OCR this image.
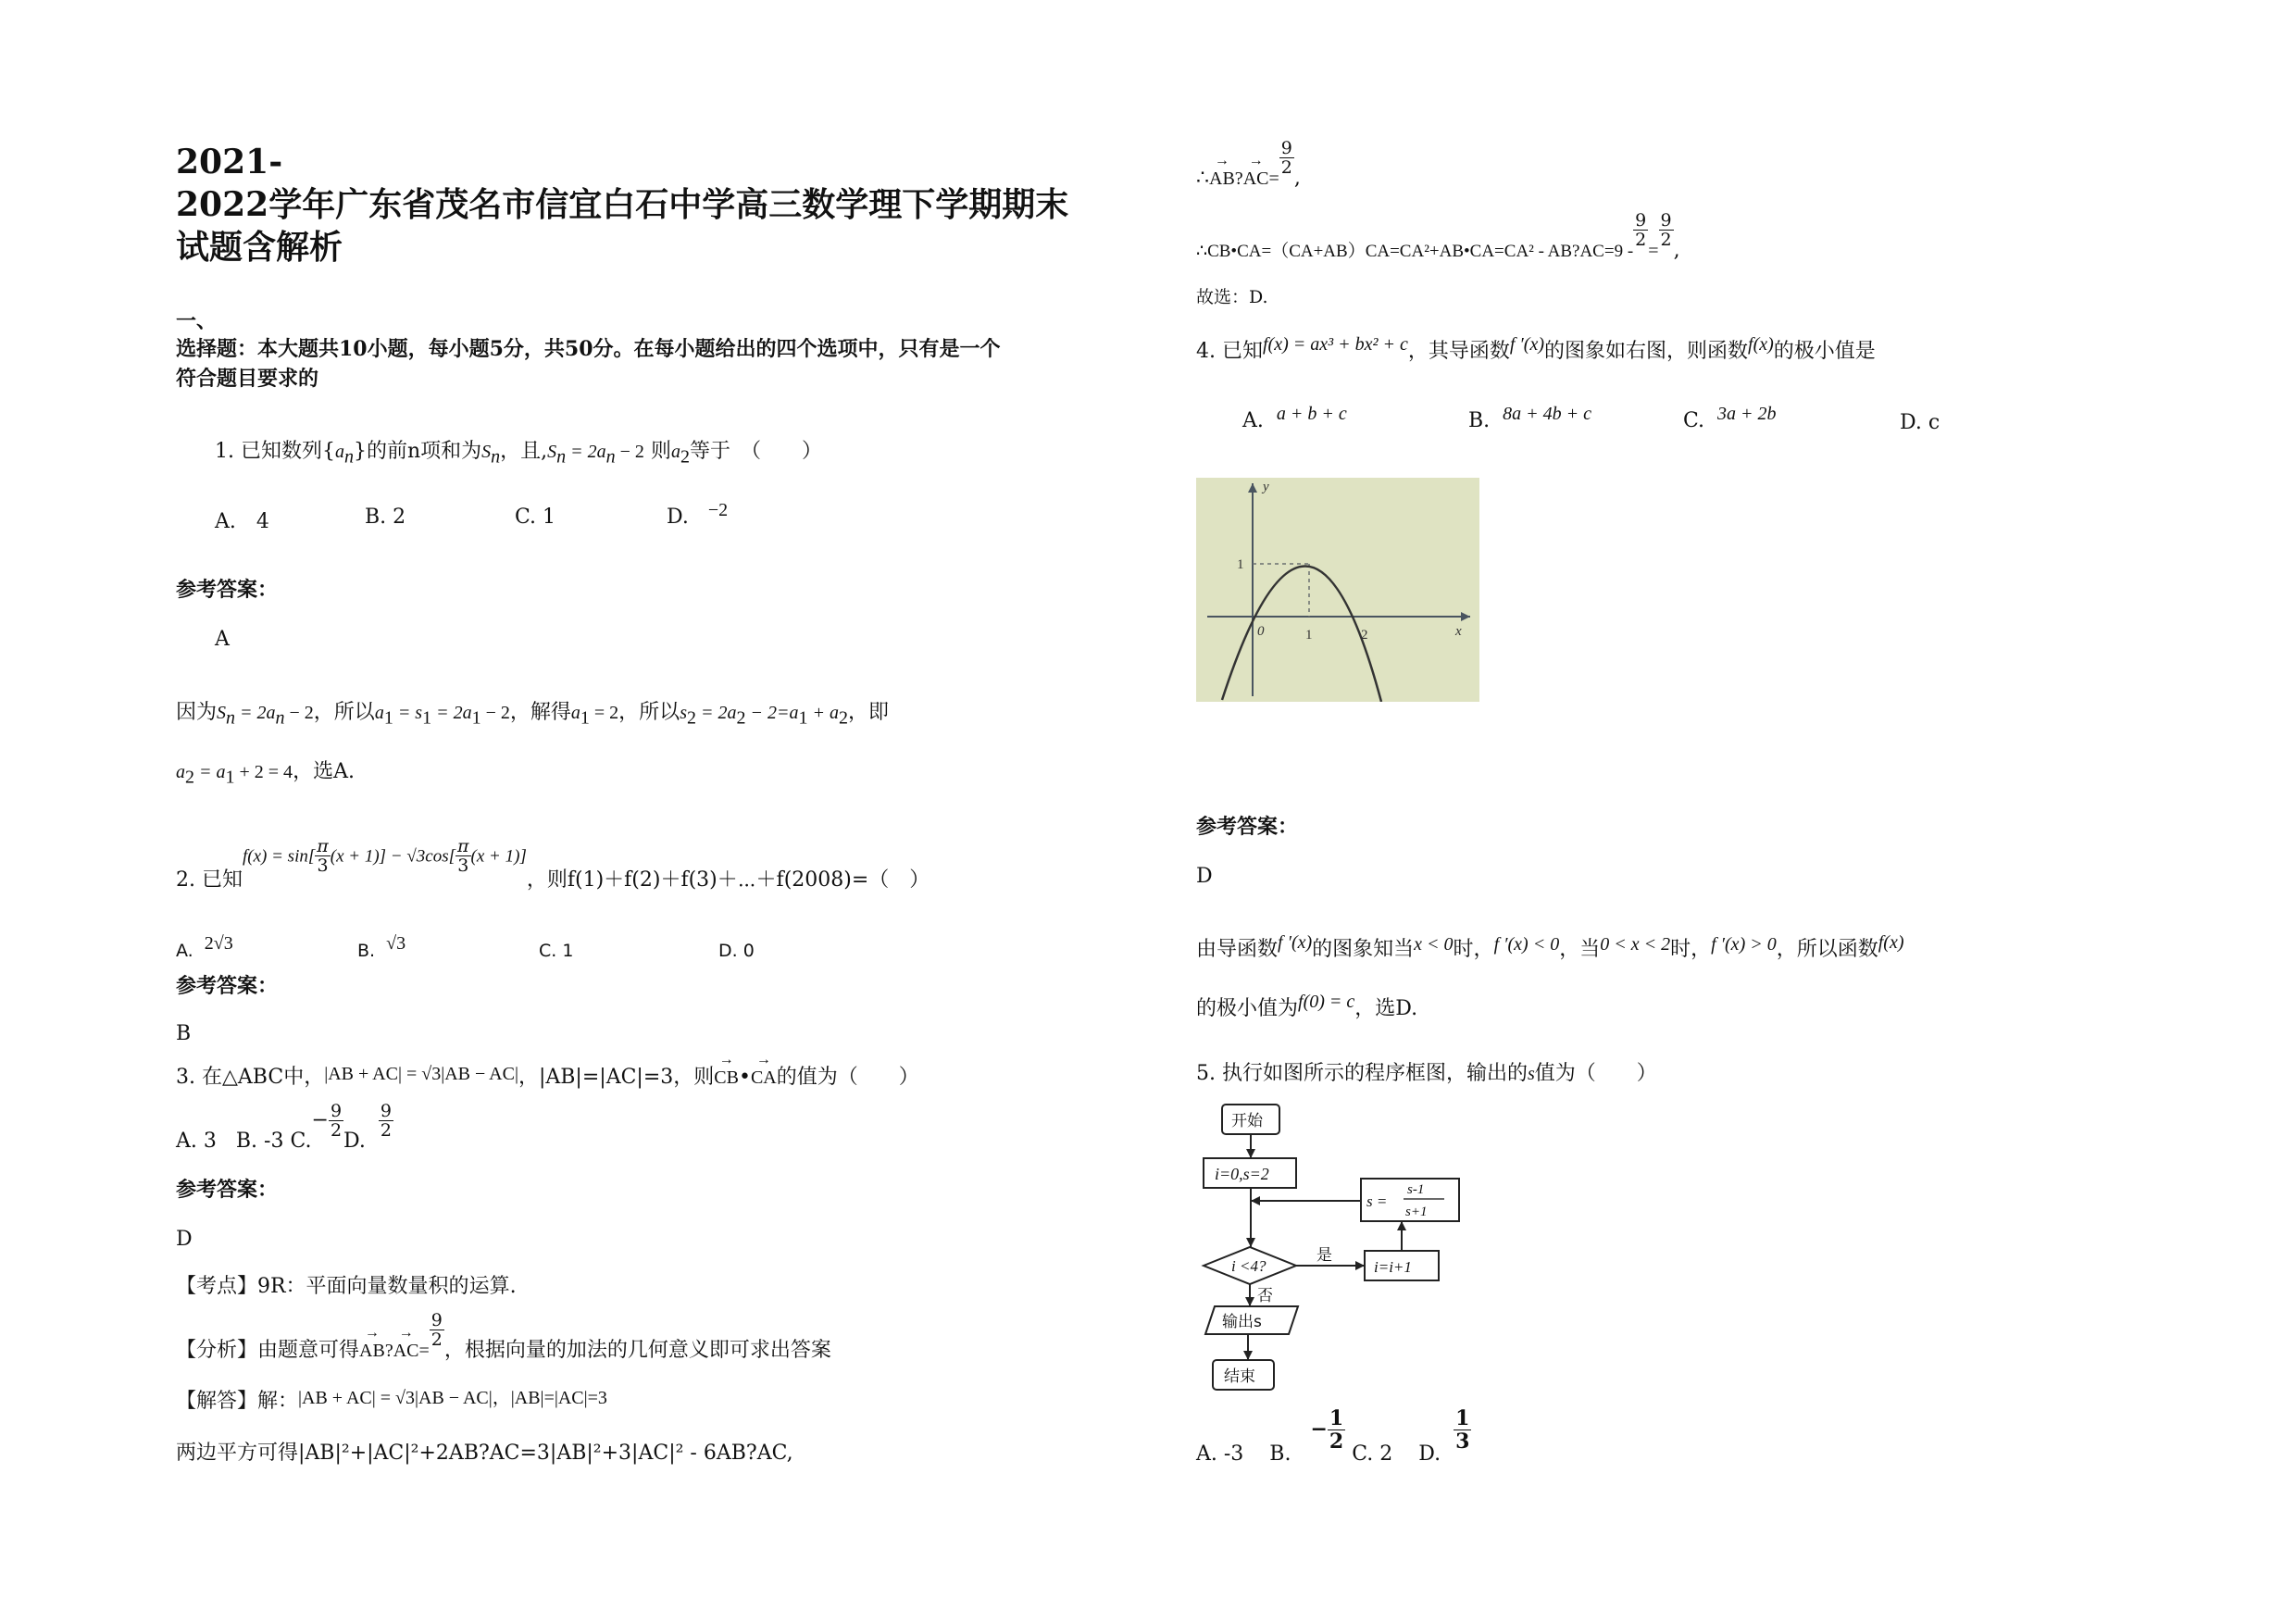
2021-
2022学年广东省茂名市信宜白石中学高三数学理下学期期末
试题含解析
一、
选择题：本大题共10小题，每小题5分，共50分。在每小题给出的四个选项中，只有是一个
符合题目要求的
1. 已知数列$\{a_n\}$的前n项和为$S_n$，且$,S_n = 2a_n - 2$ 则$a_2$等于　（　　）
A.　4	B. 2	C. 1	D. −2
参考答案：
A
因为$S_n = 2a_n - 2$，所以$a_1 = s_1 = 2a_1 - 2$，解得$a_1 = 2$，所以$s_2 = 2a_2 - 2=a_1 + a_2$，即
$a_2 = a_1 + 2 = 4$，选A.
2. 已知$f(x) = \sin[ \frac{\pi}{3} (x + 1)] - √3\cos[ \frac{\pi}{3} (x + 1)]$，则f(1)＋f(2)＋f(3)＋⋯＋f(2008)=（　）
A. 2√3	B. √3	C. 1	D. 0
参考答案：
B
3. 在△ABC中，|AB + AC| = √3|AB − AC|，|AB|=|AC|=3，则→ CB•→ CA的值为（　　）
A. 3 B. ‑3 $C.- \frac{9}{2}$
D.
$\frac{9}{2}$
参考答案：
D
【考点】9R：平面向量数量积的运算.
【分析】由题意可得→ AB?→ AC=
$\frac{9}{2}$
，根据向量的加法的几何意义即可求出答案
【解答】解：|AB + AC| = √3|AB − AC|，|AB|=|AC|=3
两边平方可得|AB|²+|AC|²+2AB?AC=3|AB|²+3|AC|² ‑ 6AB?AC,
∴→ AB?→ AC=
$\frac{9}{2}$
,
∴CB•CA=（CA+AB）CA=CA²+AB•CA=CA² ‑ AB?AC=9 ‑
$\frac{9}{2}$
=
$\frac{9}{2}$
,
故选：D.
4. 已知f(x) = ax³ + bx² + c，其导函数f ′(x)的图象如右图，则函数f(x)的极小值是
A. a + b + c	B. 8a + 4b + c	C. 3a + 2b	D. c
y
x
1
0	1	2
参考答案：
D
由导函数f ′(x)的图象知当x < 0时，f ′(x) < 0，当0 < x < 2时，f ′(x) > 0，所以函数f(x)
的极小值为f(0) = c，选D.
5. 执行如图所示的程序框图，输出的s值为（　　）
开始
i=0,s=2
s =
s-1
s+1
i <4?
是
否
i=i+1
输出s
结束
A. -3 B.   − $\frac{1}{2}$
C. 2 D.
$\frac{1}{3}$
